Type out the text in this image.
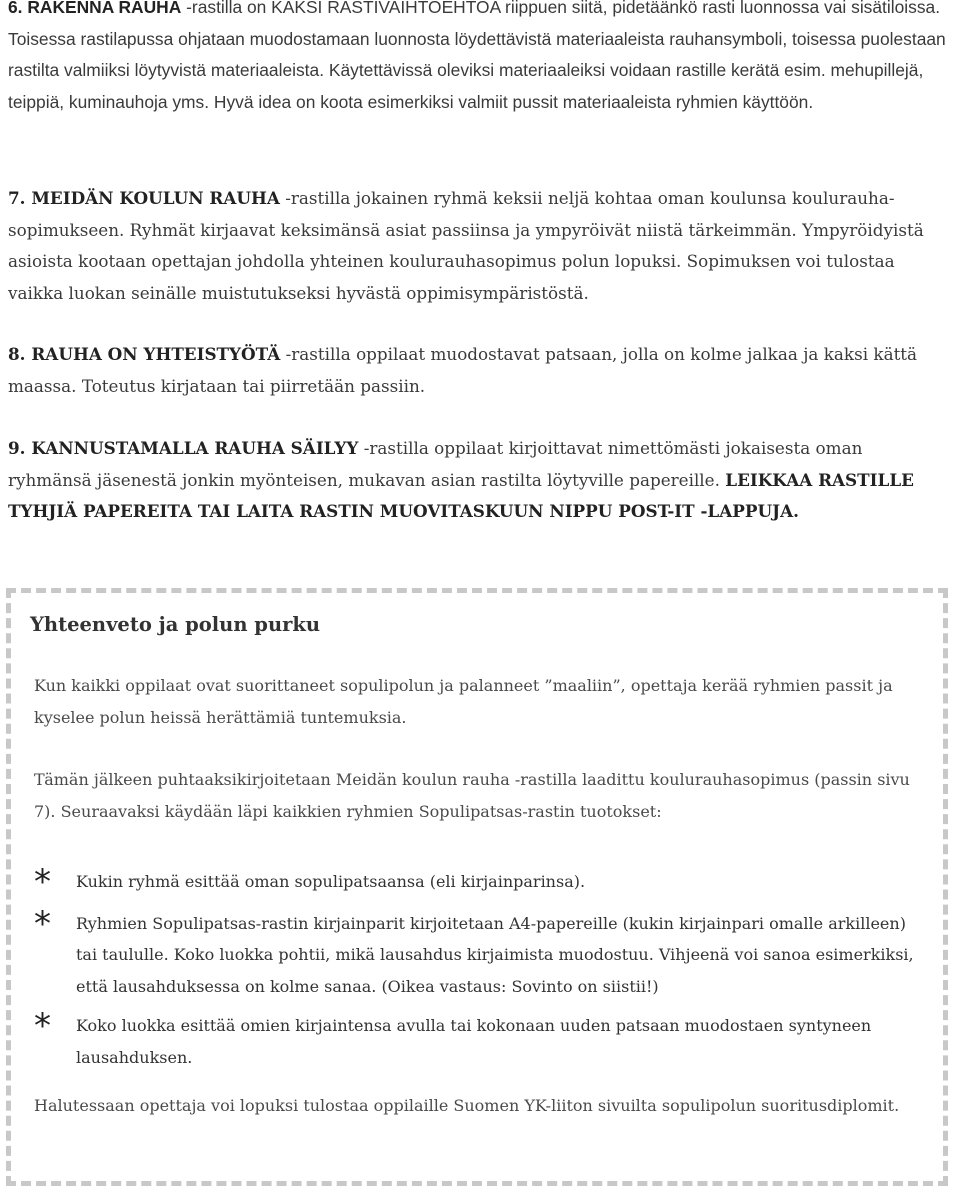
6. RAKENNA RAUHA -rastilla on KAKSI RASTIVAIHTOEHTOA riippuen siitä, pidetäänkö rasti luonnossa vai sisätiloissa. Toisessa rastilapussa ohjataan muodostamaan luonnosta löydettävistä materiaaleista rauhansymboli, toisessa puolestaan rastilta valmiiksi löytyvistä materiaaleista. Käytettävissä oleviksi materiaaleiksi voidaan rastille kerätä esim. mehupillejä, teippiä, kuminauhoja yms. Hyvä idea on koota esimerkiksi valmiit pussit materiaaleista ryhmien käyttöön.

7. MEIDÄN KOULUN RAUHA -rastilla jokainen ryhmä keksii neljä kohtaa oman koulunsa koulurauha-sopimukseen. Ryhmät kirjaavat keksimänsä asiat passiinsa ja ympyröivät niistä tärkeimmän. Ympyröidyistä asioista kootaan opettajan johdolla yhteinen koulurauhasopimus polun lopuksi. Sopimuksen voi tulostaa vaikka luokan seinälle muistutukseksi hyvästä oppimisympäristöstä.

8. RAUHA ON YHTEISTYÖTÄ -rastilla oppilaat muodostavat patsaan, jolla on kolme jalkaa ja kaksi kättä maassa. Toteutus kirjataan tai piirretään passiin.

9. KANNUSTAMALLA RAUHA SÄILYY -rastilla oppilaat kirjoittavat nimettömästi jokaisesta oman ryhmänsä jäsenestä jonkin myönteisen, mukavan asian rastilta löytyville papereille. LEIKKAA RASTILLE TYHJIÄ PAPEREITA TAI LAITA RASTIN MUOVITASKUUN NIPPU POST-IT -LAPPUJA.

Yhteenveto ja polun purku

Kun kaikki oppilaat ovat suorittaneet sopulipolun ja palanneet ”maaliin”, opettaja kerää ryhmien passit ja kyselee polun heissä herättämiä tuntemuksia.

Tämän jälkeen puhtaaksikirjoitetaan Meidän koulun rauha -rastilla laadittu koulurauhasopimus (passin sivu 7). Seuraavaksi käydään läpi kaikkien ryhmien Sopulipatsas-rastin tuotokset:

* Kukin ryhmä esittää oman sopulipatsaansa (eli kirjainparinsa).
* Ryhmien Sopulipatsas-rastin kirjainparit kirjoitetaan A4-papereille (kukin kirjainpari omalle arkilleen) tai taululle. Koko luokka pohtii, mikä lausahdus kirjaimista muodostuu. Vihjeenä voi sanoa esimerkiksi, että lausahduksessa on kolme sanaa. (Oikea vastaus: Sovinto on siistii!)
* Koko luokka esittää omien kirjaintensa avulla tai kokonaan uuden patsaan muodostaen syntyneen lausahduksen.

Halutessaan opettaja voi lopuksi tulostaa oppilaille Suomen YK-liiton sivuilta sopulipolun suoritusdiplomit.
